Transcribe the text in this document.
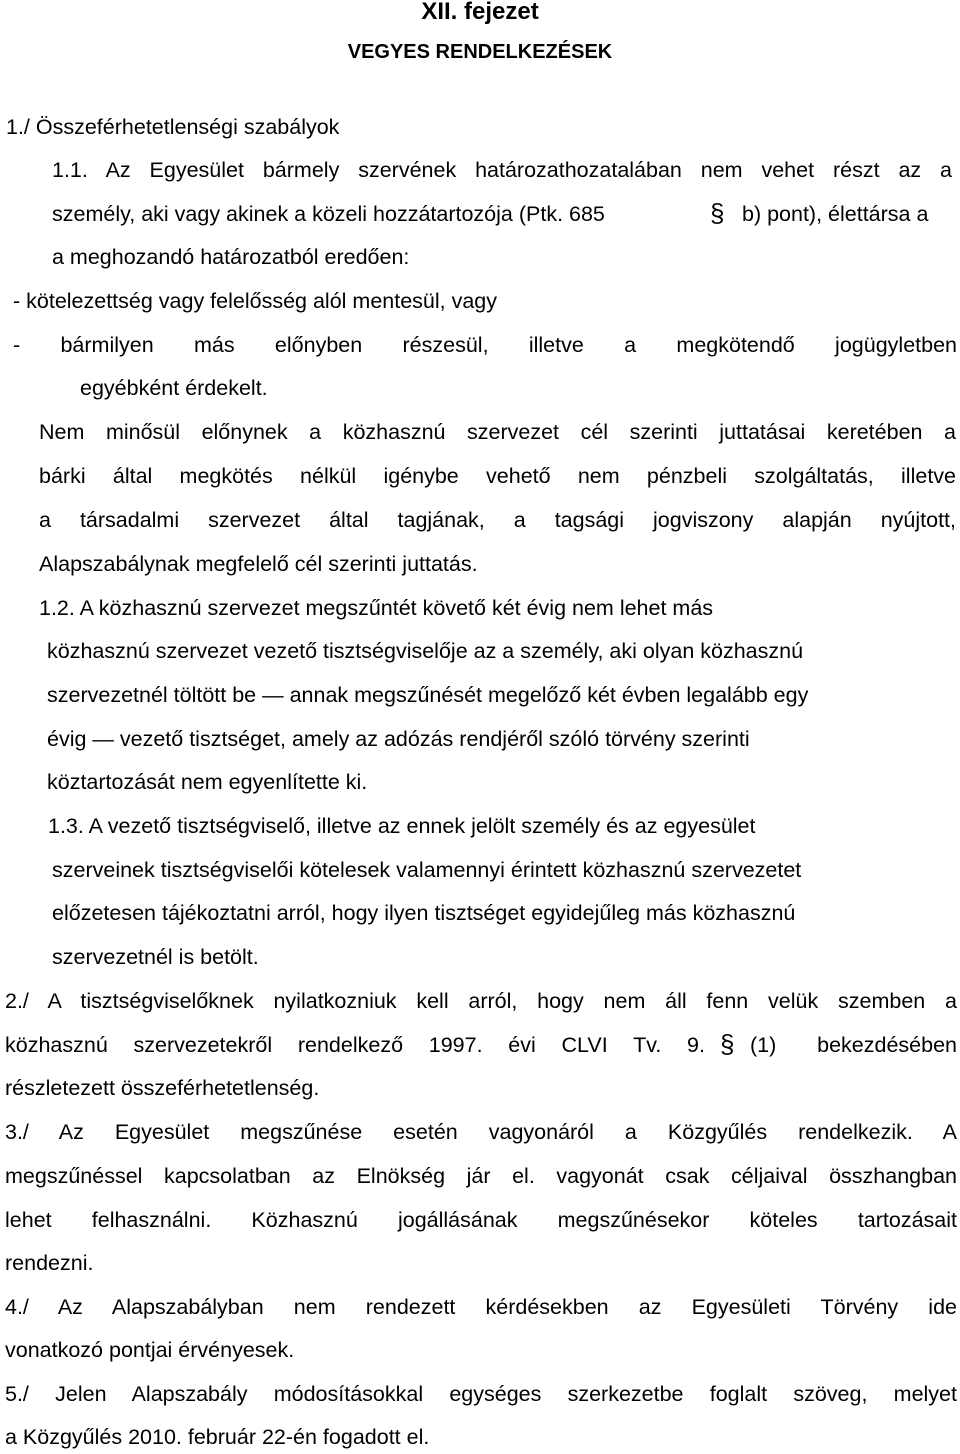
XII. fejezet
VEGYES RENDELKEZÉSEK
1./ Összeférhetetlenségi szabályok
1.1. Az Egyesület bármely szervének határozathozatalában nem vehet részt az a
személy, aki vagy akinek a közeli hozzátartozója (Ptk. 685	§ b) pont), élettársa a
a meghozandó határozatból eredően:
- kötelezettség vagy felelősség alól mentesül, vagy
- bármilyen más előnyben részesül, illetve a megkötendő jogügyletben
egyébként érdekelt.
Nem minősül előnynek a közhasznú szervezet cél szerinti juttatásai keretében a
bárki által megkötés nélkül igénybe vehető nem pénzbeli szolgáltatás, illetve
a társadalmi szervezet által tagjának, a tagsági jogviszony alapján nyújtott,
Alapszabálynak megfelelő cél szerinti juttatás.
1.2. A közhasznú szervezet megszűntét követő két évig nem lehet más
közhasznú szervezet vezető tisztségviselője az a személy, aki olyan közhasznú
szervezetnél töltött be — annak megszűnését megelőző két évben legalább egy
évig — vezető tisztséget, amely az adózás rendjéről szóló törvény szerinti
köztartozását nem egyenlítette ki.
1.3. A vezető tisztségviselő, illetve az ennek jelölt személy és az egyesület
szerveinek tisztségviselői kötelesek valamennyi érintett közhasznú szervezetet
előzetesen tájékoztatni arról, hogy ilyen tisztséget egyidejűleg más közhasznú
szervezetnél is betölt.
2./ A tisztségviselőknek nyilatkozniuk kell arról, hogy nem áll fenn velük szemben a
közhasznú szervezetekről rendelkező 1997. évi CLVI Tv. 9. § (1) bekezdésében
részletezett összeférhetetlenség.
3./ Az Egyesület megszűnése esetén vagyonáról a Közgyűlés rendelkezik. A
megszűnéssel kapcsolatban az Elnökség jár el. vagyonát csak céljaival összhangban
lehet felhasználni. Közhasznú jogállásának megszűnésekor köteles tartozásait
rendezni.
4./ Az Alapszabályban nem rendezett kérdésekben az Egyesületi Törvény ide
vonatkozó pontjai érvényesek.
5./ Jelen Alapszabály módosításokkal egységes szerkezetbe foglalt szöveg, melyet
a Közgyűlés 2010. február 22-én fogadott el.
